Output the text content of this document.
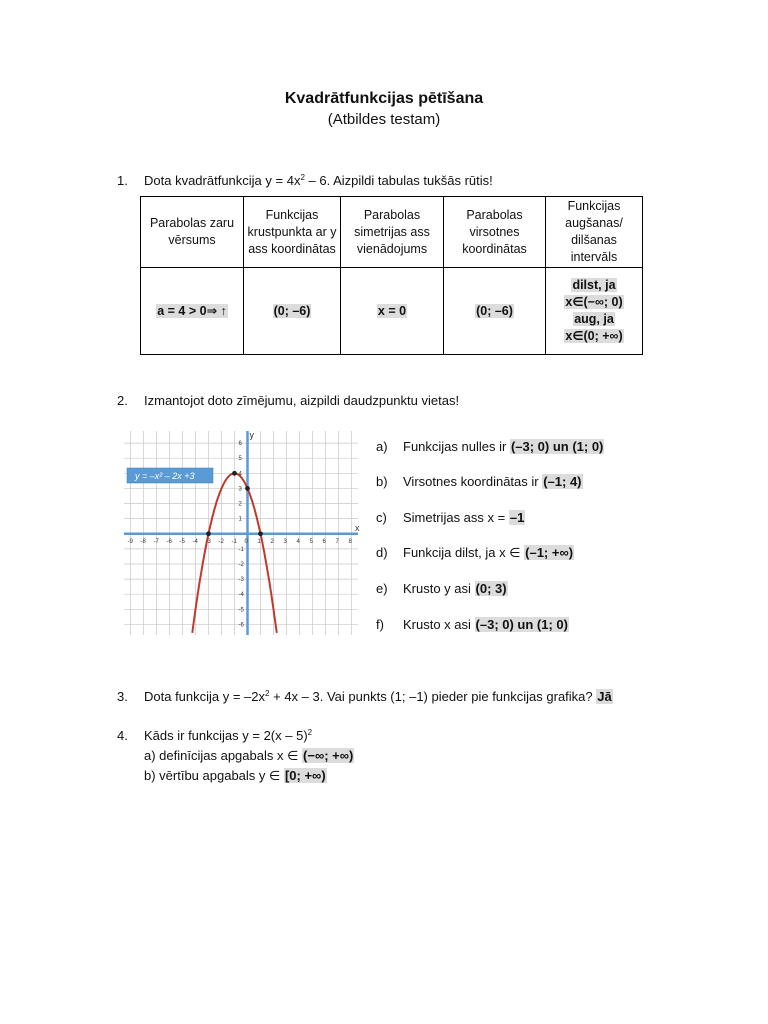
Kvadrātfunkcijas pētīšana
(Atbildes testam)
1. Dota kvadrātfunkcija $y = 4x^2 - 6$. Aizpildi tabulas tukšās rūtis!
Parabolas zaru vērsums	Funkcijas krustpunkta ar y ass koordinātas	Parabolas simetrijas ass vienādojums	Parabolas virsotnes koordinātas	Funkcijas augšanas/ dilšanas intervāls
a = 4 > 0⇒ ↑	(0; –6)	x = 0	(0; –6)	dilst, ja
x∈(−∞; 0)
aug, ja
x∈(0; +∞)
2. Izmantojot doto zīmējumu, aizpildi daudzpunktu vietas!
-9 -8 -7 -6 -5 -4 -3 -2 -1 0 1 2 3 4 5 6 7 8
1
2
3
4
5
6
-1
-2
-3
-4
-5
-6
y = –x² – 2x +3
x
y
a) Funkcijas nulles ir (–3; 0) un (1; 0)
b) Virsotnes koordinātas ir (–1; 4)
c) Simetrijas ass x = –1
d) Funkcija dilst, ja x ∈ (–1; +∞)
e) Krusto y asi (0; 3)
f) Krusto x asi (–3; 0) un (1; 0)
3. Dota funkcija $y = -2x^2 + 4x - 3$. Vai punkts (1; –1) pieder pie funkcijas grafika? Jā
4. Kāds ir funkcijas y = 2(x – 5)$^2$
a) definīcijas apgabals x ∈ (−∞; +∞)
b) vērtību apgabals y ∈ [0; +∞)
